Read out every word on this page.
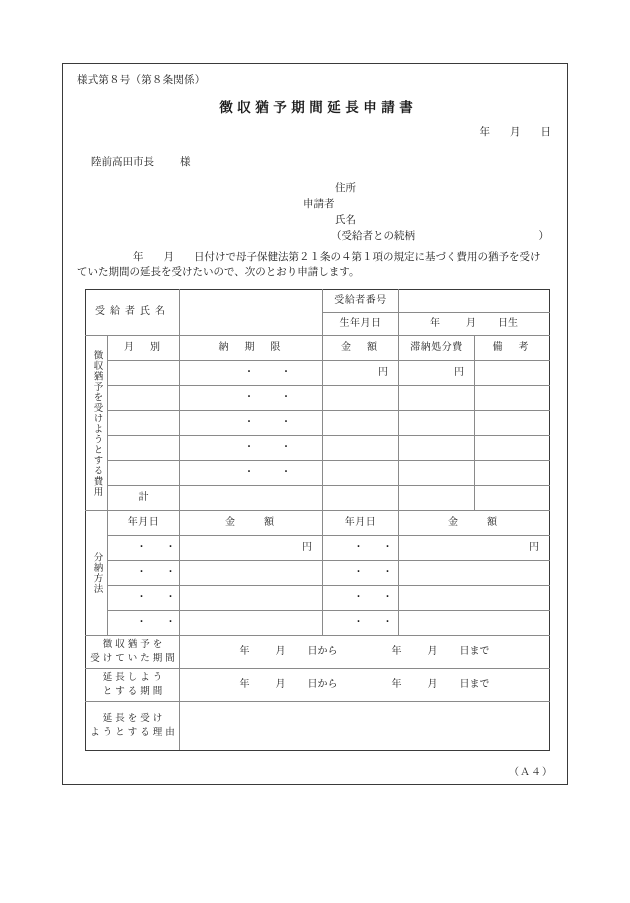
様式第８号（第８条関係）
徴収猶予期間延長申請書
年 月 日
陸前高田市長 様
住所
申請者
氏名
（受給者との続柄	）
年 月 日付けで母子保健法第２１条の４第１項の規定に基づく費用の猶予を受け
ていた期間の延長を受けたいので、次のとおり申請します。
受給者氏名			受給者番号		
			生年月日	年 月 日生	

徴収猶予を受けようとする費用	月　別	納　期　限	金　額	滞納処分費	備　考
		・ ・	円	円	

		・ ・			
		・ ・			
		・ ・			
		・ ・			
	計				

分納方法	年月日	金　　額	年月日	金　　額	
	・ ・	円	・ ・	円	

	・ ・		・ ・		
	・ ・		・ ・		
	・ ・		・ ・		

徴収猶予を
受けていた期間		年 月 日から 年 月 日まで			

延長しよう
とする期間		年 月 日から 年 月 日まで			

延長を受け
ようとする理由					

（Ａ４）
